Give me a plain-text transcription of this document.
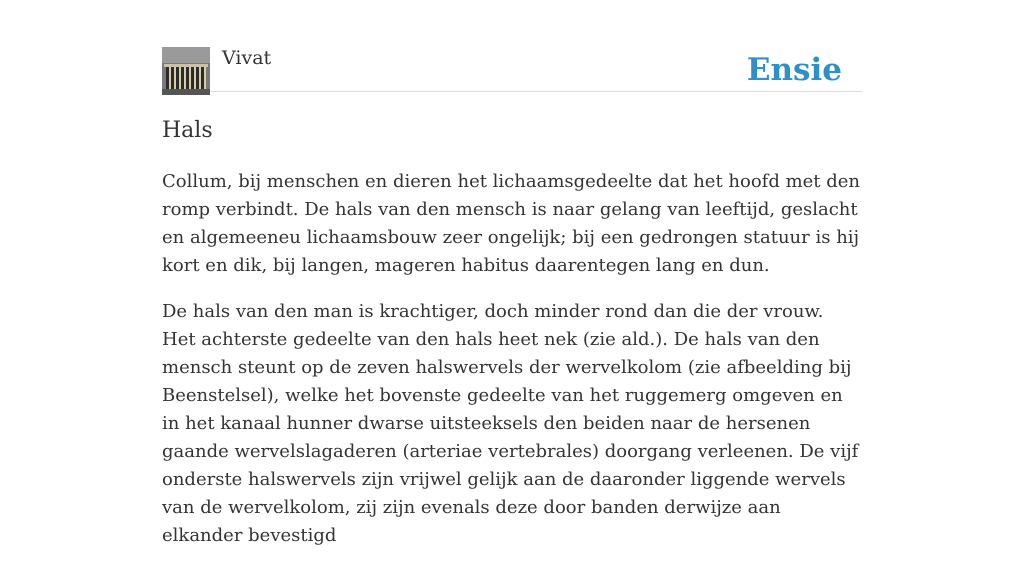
Vivat	Ensie
Hals

Collum, bij menschen en dieren het lichaamsgedeelte dat het hoofd met den romp verbindt. De hals van den mensch is naar gelang van leeftijd, geslacht en algemeeneu lichaamsbouw zeer ongelijk; bij een gedrongen statuur is hij kort en dik, bij langen, mageren habitus daarentegen lang en dun.

De hals van den man is krachtiger, doch minder rond dan die der vrouw. Het achterste gedeelte van den hals heet nek (zie ald.). De hals van den mensch steunt op de zeven halswervels der wervelkolom (zie afbeelding bij Beenstelsel), welke het bovenste gedeelte van het ruggemerg omgeven en in het kanaal hunner dwarse uitsteeksels den beiden naar de hersenen gaande wervelslagaderen (arteriae vertebrales) doorgang verleenen. De vijf onderste halswervels zijn vrijwel gelijk aan de daaronder liggende wervels van de wervelkolom, zij zijn evenals deze door banden derwijze aan elkander bevestigd
